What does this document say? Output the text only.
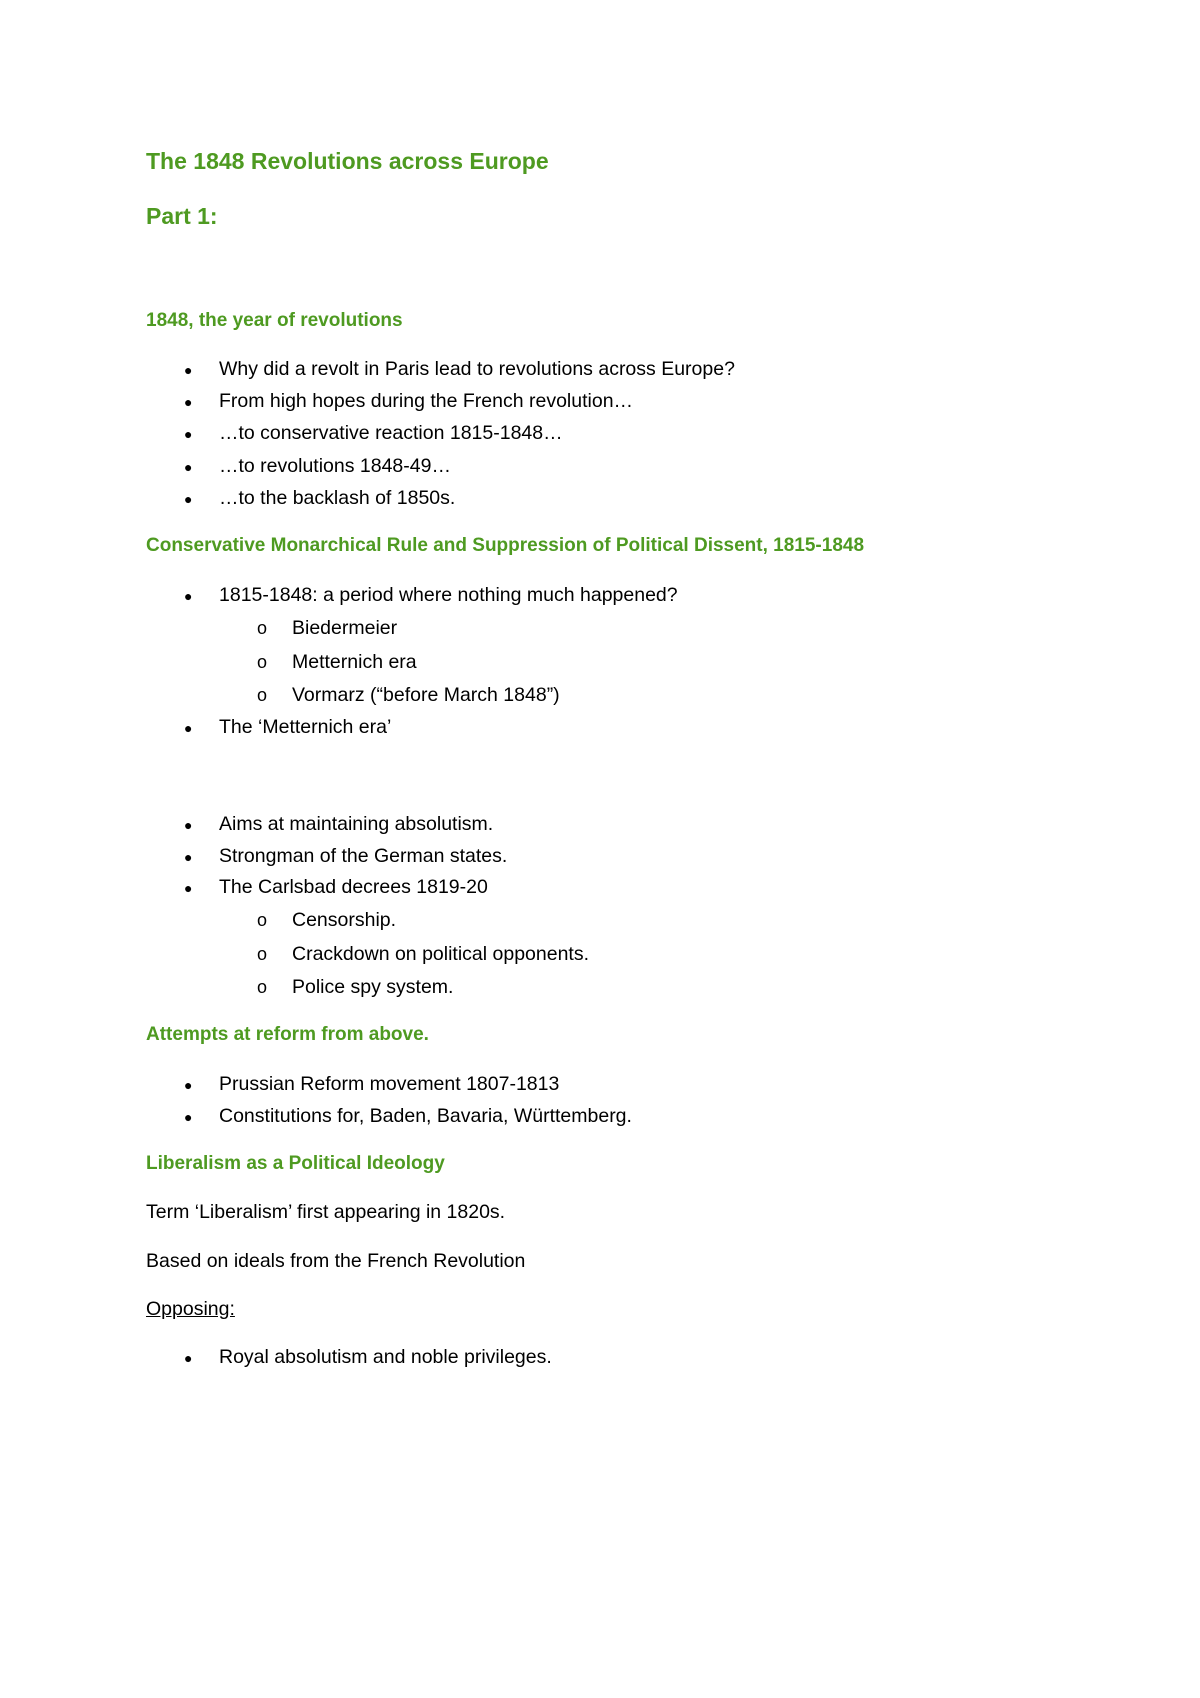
The 1848 Revolutions across Europe
Part 1:
1848, the year of revolutions
● Why did a revolt in Paris lead to revolutions across Europe?
● From high hopes during the French revolution…
● …to conservative reaction 1815-1848…
● …to revolutions 1848-49…
● …to the backlash of 1850s.
Conservative Monarchical Rule and Suppression of Political Dissent, 1815-1848
● 1815-1848: a period where nothing much happened?
o Biedermeier
o Metternich era
o Vormarz (“before March 1848”)
● The ‘Metternich era’
● Aims at maintaining absolutism.
● Strongman of the German states.
● The Carlsbad decrees 1819-20
o Censorship.
o Crackdown on political opponents.
o Police spy system.
Attempts at reform from above.
● Prussian Reform movement 1807-1813
● Constitutions for, Baden, Bavaria, Württemberg.
Liberalism as a Political Ideology
Term ‘Liberalism’ first appearing in 1820s.
Based on ideals from the French Revolution
Opposing:
● Royal absolutism and noble privileges.
